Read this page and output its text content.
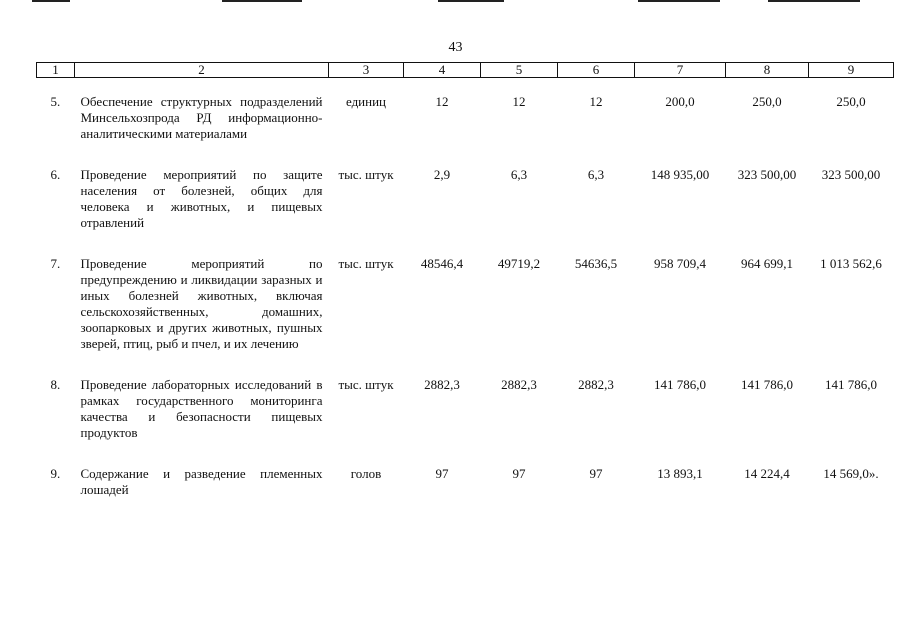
43
1	2	3	4	5	6	7	8	9

5.	Обеспечение структурных подразделений Минсельхозпрода РД информационно-аналитическими материалами	единиц	12	12	12	200,0	250,0	250,0
6.	Проведение мероприятий по защите населения от болезней, общих для человека и животных, и пищевых отравлений	тыс. штук	2,9	6,3	6,3	148 935,00	323 500,00	323 500,00
7.	Проведение мероприятий по предупреждению и ликвидации заразных и иных болезней животных, включая сельскохозяйственных, домашних, зоопарковых и других животных, пушных зверей, птиц, рыб и пчел, и их лечению	тыс. штук	48546,4	49719,2	54636,5	958 709,4	964 699,1	1 013 562,6
8.	Проведение лабораторных исследований в рамках государственного мониторинга качества и безопасности пищевых продуктов	тыс. штук	2882,3	2882,3	2882,3	141 786,0	141 786,0	141 786,0
9.	Содержание и разведение племенных лошадей	голов	97	97	97	13 893,1	14 224,4	14 569,0».
